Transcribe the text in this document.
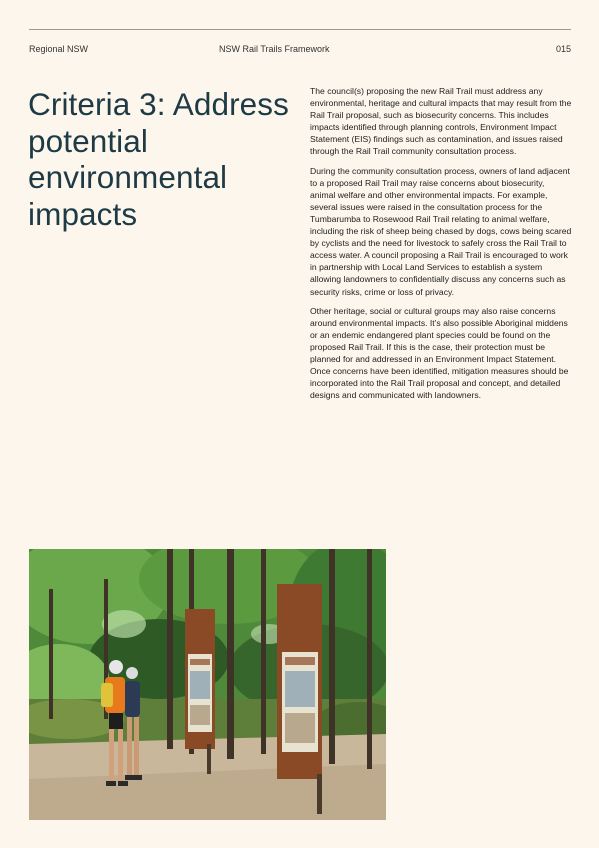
Regional NSW	NSW Rail Trails Framework	015
Criteria 3: Address potential environmental impacts

The council(s) proposing the new Rail Trail must address any environmental, heritage and cultural impacts that may result from the Rail Trail proposal, such as biosecurity concerns. This includes impacts identified through planning controls, Environment Impact Statement (EIS) findings such as contamination, and issues raised through the Rail Trail community consultation process.

During the community consultation process, owners of land adjacent to a proposed Rail Trail may raise concerns about biosecurity, animal welfare and other environmental impacts. For example, several issues were raised in the consultation process for the Tumbarumba to Rosewood Rail Trail relating to animal welfare, including the risk of sheep being chased by dogs, cows being scared by cyclists and the need for livestock to safely cross the Rail Trail to access water. A council proposing a Rail Trail is encouraged to work in partnership with Local Land Services to establish a system allowing landowners to confidentially discuss any concerns such as security risks, crime or loss of privacy.

Other heritage, social or cultural groups may also raise concerns around environmental impacts. It’s also possible Aboriginal middens or an endemic endangered plant species could be found on the proposed Rail Trail. If this is the case, their protection must be planned for and addressed in an Environment Impact Statement. Once concerns have been identified, mitigation measures should be incorporated into the Rail Trail proposal and concept, and detailed designs and communicated with landowners.
